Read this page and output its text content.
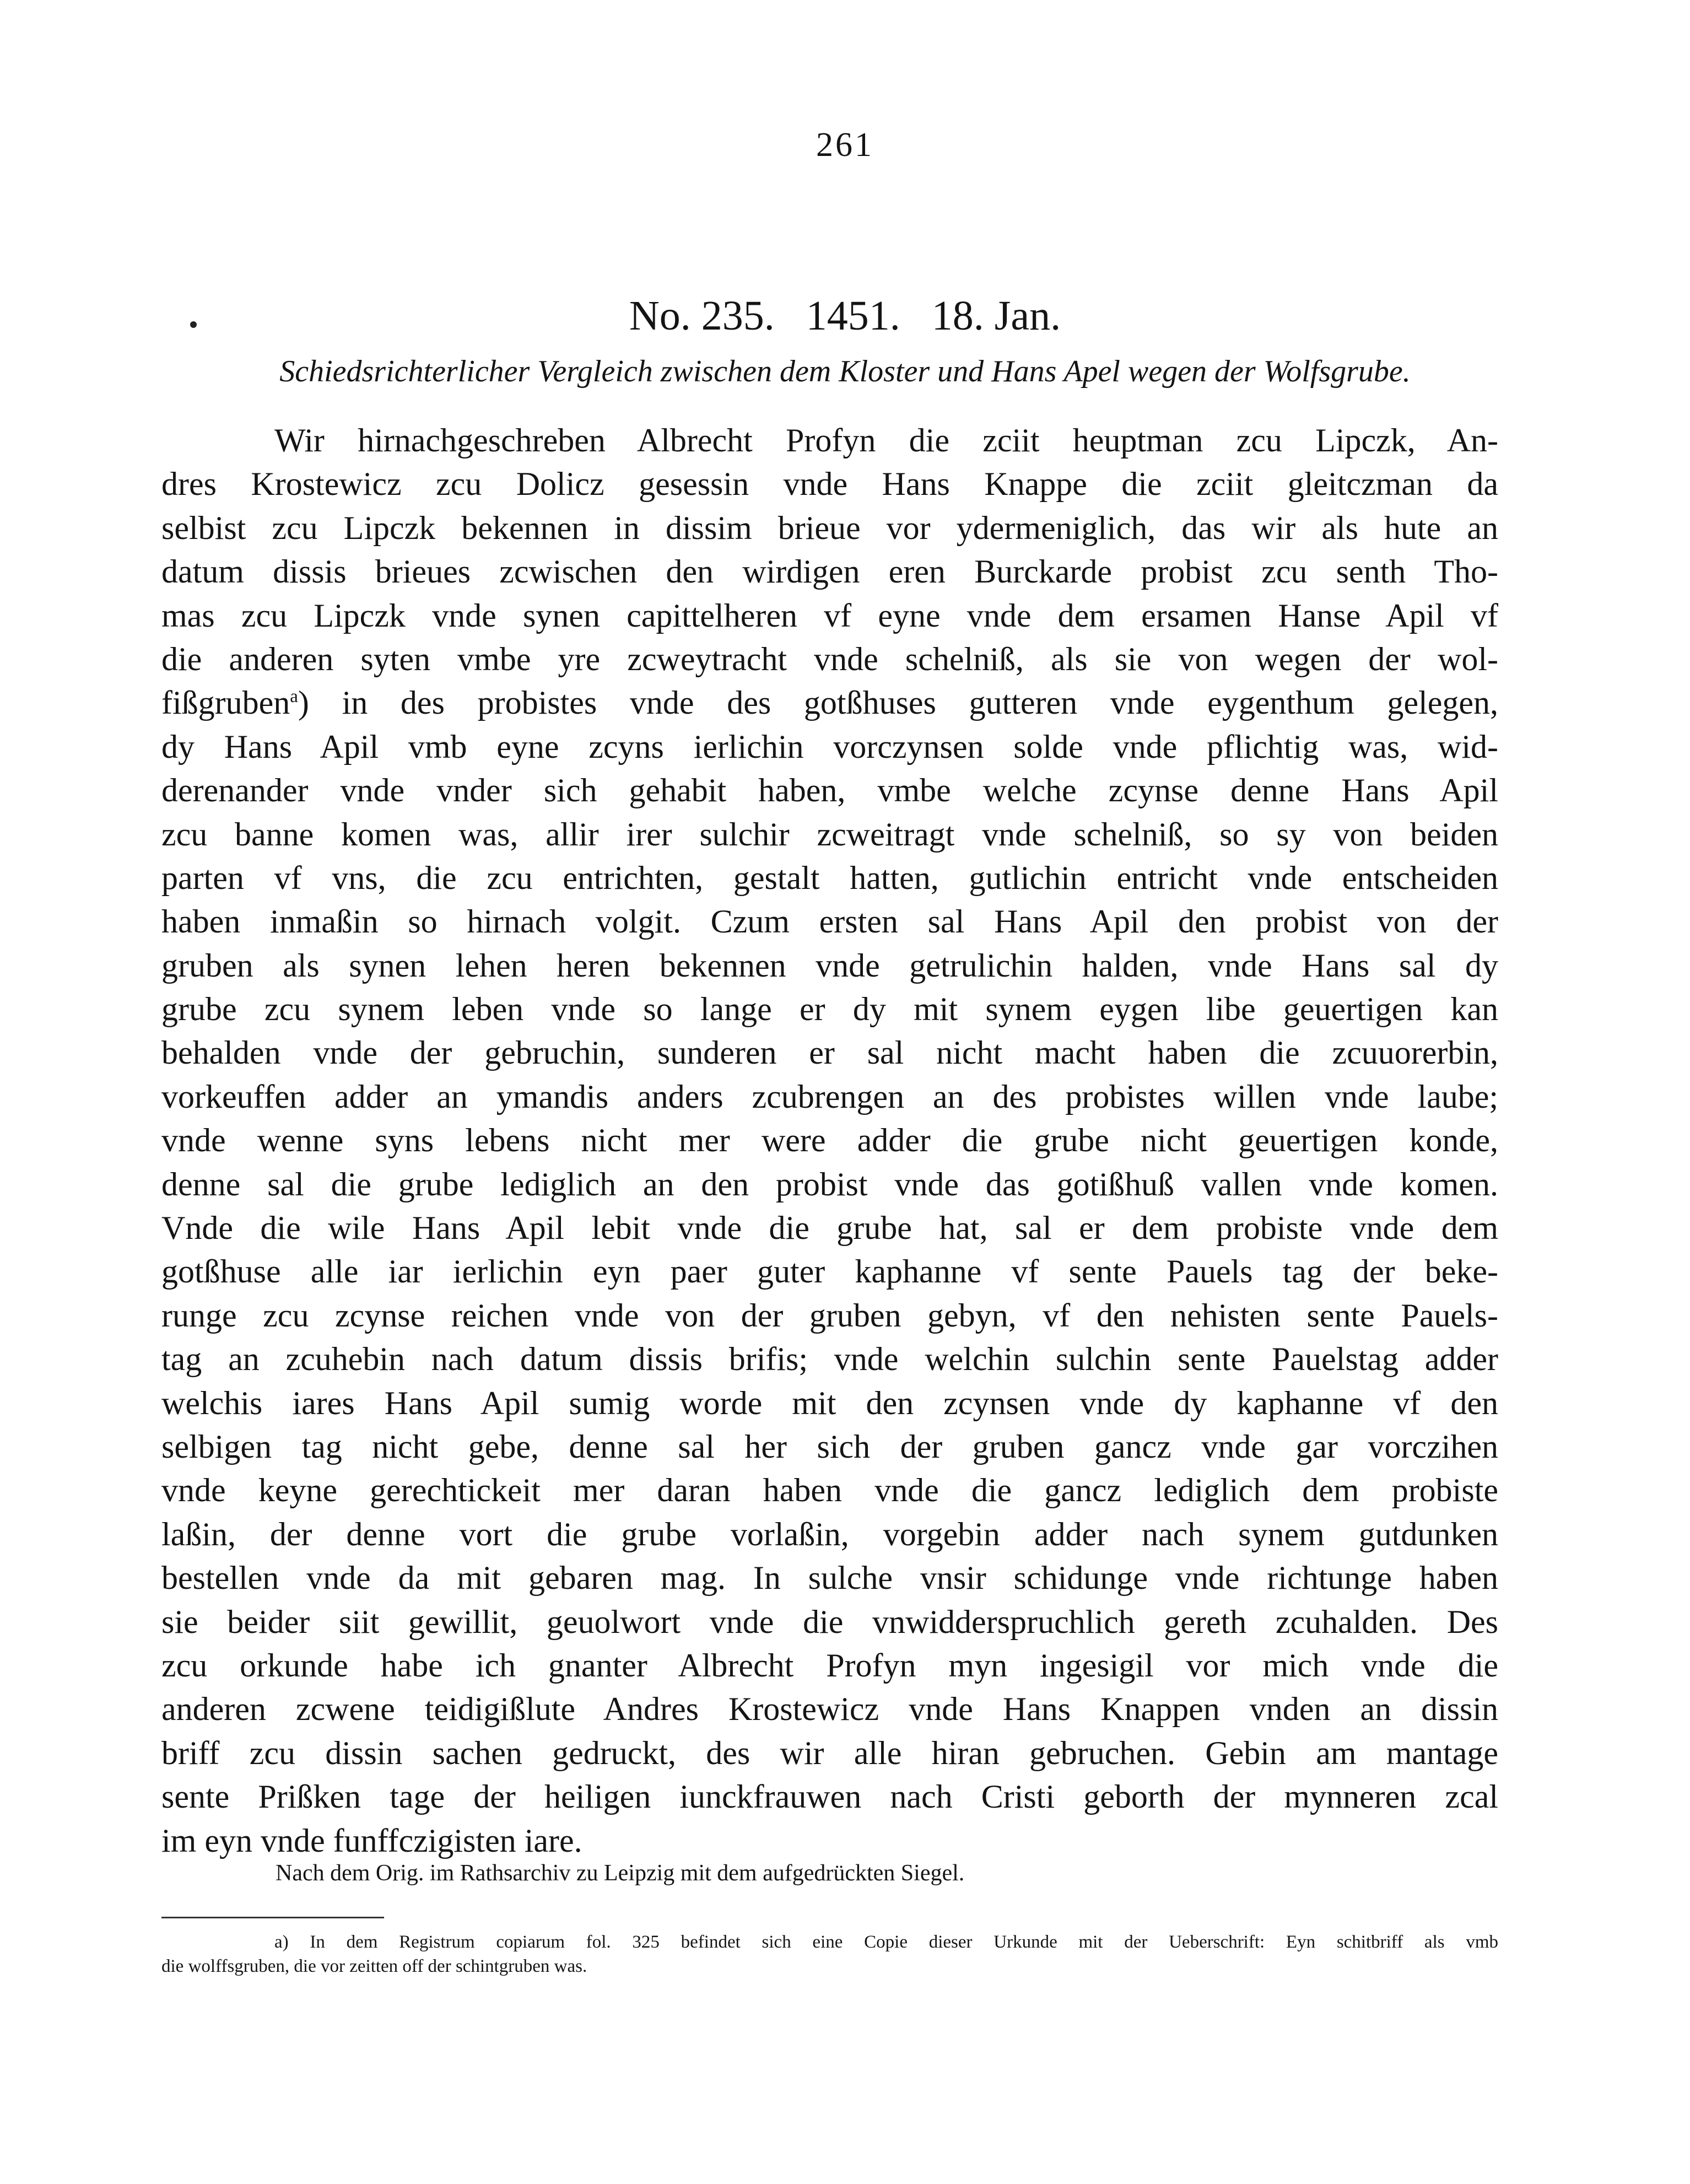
261
No. 235.   1451.   18. Jan.
Schiedsrichterlicher Vergleich zwischen dem Kloster und Hans Apel wegen der Wolfsgrube.
Wir hirnachgeschreben Albrecht Profyn die zciit heuptman zcu Lipczk, An-
dres Krostewicz zcu Dolicz gesessin vnde Hans Knappe die zciit gleitczman da
selbist zcu Lipczk bekennen in dissim brieue vor ydermeniglich, das wir als hute an
datum dissis brieues zcwischen den wirdigen eren Burckarde probist zcu senth Tho-
mas zcu Lipczk vnde synen capittelheren vf eyne vnde dem ersamen Hanse Apil vf
die anderen syten vmbe yre zcweytracht vnde schelniß, als sie von wegen der wol-
fißgruben$^a$) in des probistes vnde des gotßhuses gutteren vnde eygenthum gelegen,
dy Hans Apil vmb eyne zcyns ierlichin vorczynsen solde vnde pflichtig was, wid-
derenander vnde vnder sich gehabit haben, vmbe welche zcynse denne Hans Apil
zcu banne komen was, allir irer sulchir zcweitragt vnde schelniß, so sy von beiden
parten vf vns, die zcu entrichten, gestalt hatten, gutlichin entricht vnde entscheiden
haben inmaßin so hirnach volgit. Czum ersten sal Hans Apil den probist von der
gruben als synen lehen heren bekennen vnde getrulichin halden, vnde Hans sal dy
grube zcu synem leben vnde so lange er dy mit synem eygen libe geuertigen kan
behalden vnde der gebruchin, sunderen er sal nicht macht haben die zcuuorerbin,
vorkeuffen adder an ymandis anders zcubrengen an des probistes willen vnde laube;
vnde wenne syns lebens nicht mer were adder die grube nicht geuertigen konde,
denne sal die grube lediglich an den probist vnde das gotißhuß vallen vnde komen.
Vnde die wile Hans Apil lebit vnde die grube hat, sal er dem probiste vnde dem
gotßhuse alle iar ierlichin eyn paer guter kaphanne vf sente Pauels tag der beke-
runge zcu zcynse reichen vnde von der gruben gebyn, vf den nehisten sente Pauels-
tag an zcuhebin nach datum dissis brifis; vnde welchin sulchin sente Pauelstag adder
welchis iares Hans Apil sumig worde mit den zcynsen vnde dy kaphanne vf den
selbigen tag nicht gebe, denne sal her sich der gruben gancz vnde gar vorczihen
vnde keyne gerechtickeit mer daran haben vnde die gancz lediglich dem probiste
laßin, der denne vort die grube vorlaßin, vorgebin adder nach synem gutdunken
bestellen vnde da mit gebaren mag. In sulche vnsir schidunge vnde richtunge haben
sie beider siit gewillit, geuolwort vnde die vnwidderspruchlich gereth zcuhalden. Des
zcu orkunde habe ich gnanter Albrecht Profyn myn ingesigil vor mich vnde die
anderen zcwene teidigißlute Andres Krostewicz vnde Hans Knappen vnden an dissin
briff zcu dissin sachen gedruckt, des wir alle hiran gebruchen. Gebin am mantage
sente Prißken tage der heiligen iunckfrauwen nach Cristi geborth der mynneren zcal
im eyn vnde funffczigisten iare.
Nach dem Orig. im Rathsarchiv zu Leipzig mit dem aufgedrückten Siegel.
a) In dem Registrum copiarum fol. 325 befindet sich eine Copie dieser Urkunde mit der Ueberschrift: Eyn schitbriff als vmb
die wolffsgruben, die vor zeitten off der schintgruben was.
